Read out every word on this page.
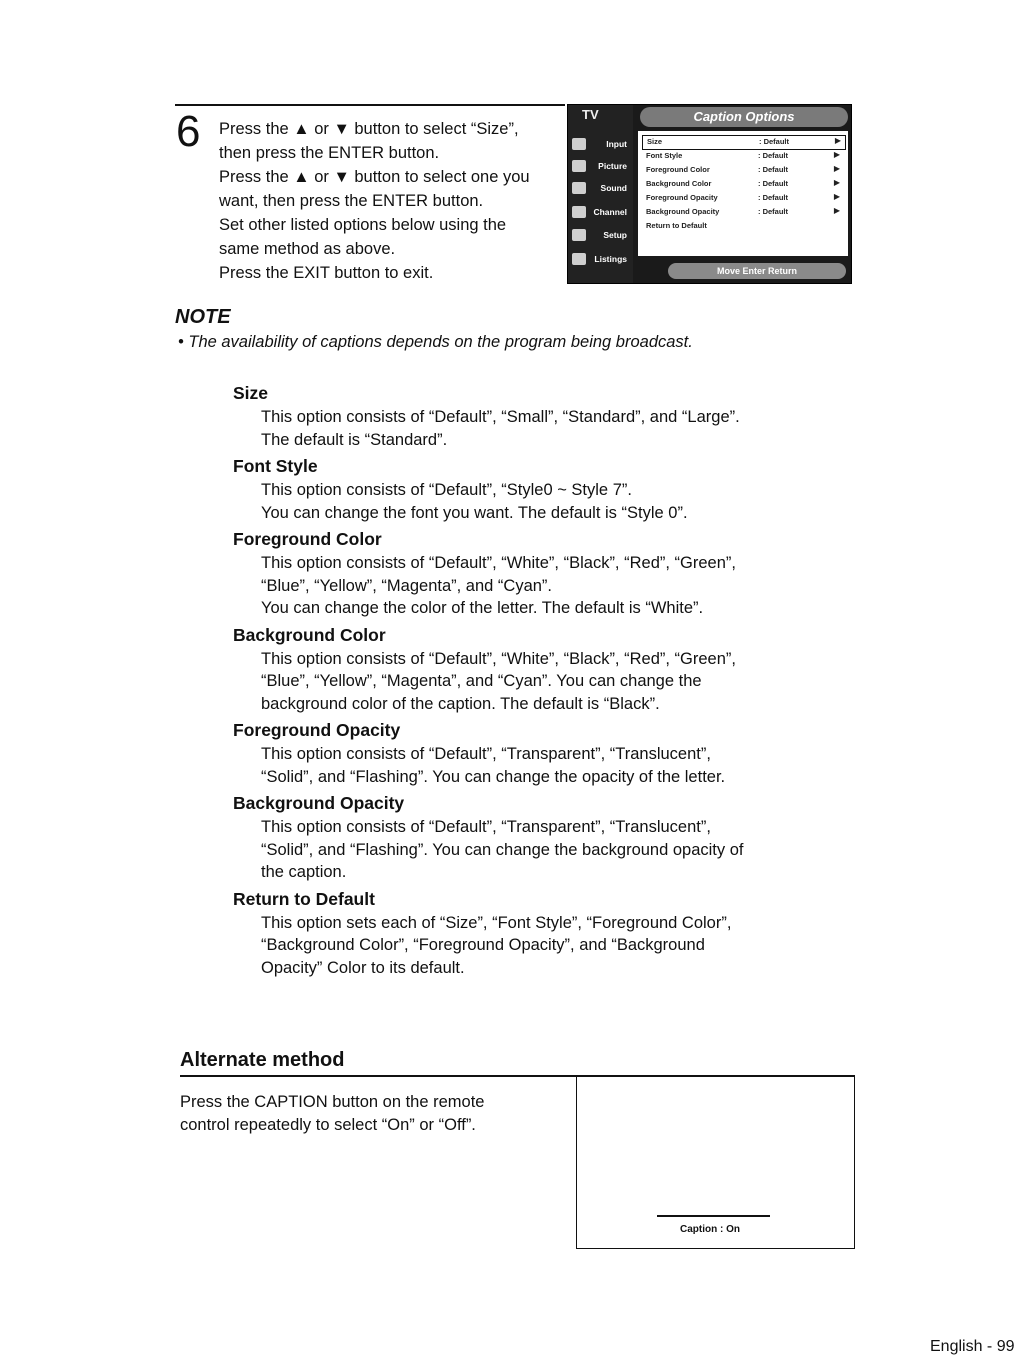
6 Press the ▲ or ▼ button to select “Size”,
then press the ENTER button.
Press the ▲ or ▼ button to select one you
want, then press the ENTER button.
Set other listed options below using the
same method as above.
Press the EXIT button to exit.
TV
Input
Picture
Sound
Channel
Setup
Listings
Caption Options
Size	: Default	▶
Font Style	: Default	▶
Foreground Color	: Default	▶
Background Color	: Default	▶
Foreground Opacity	: Default	▶
Background Opacity	: Default	▶
Return to Default
Move Enter Return
NOTE
• The availability of captions depends on the program being broadcast.
Size
This option consists of “Default”, “Small”, “Standard”, and “Large”.
The default is “Standard”.
Font Style
This option consists of “Default”, “Style0 ~ Style 7”.
You can change the font you want. The default is “Style 0”.
Foreground Color
This option consists of “Default”, “White”, “Black”, “Red”, “Green”,
“Blue”, “Yellow”, “Magenta”, and “Cyan”.
You can change the color of the letter. The default is “White”.
Background Color
This option consists of “Default”, “White”, “Black”, “Red”, “Green”,
“Blue”, “Yellow”, “Magenta”, and “Cyan”. You can change the
background color of the caption. The default is “Black”.
Foreground Opacity
This option consists of “Default”, “Transparent”, “Translucent”,
“Solid”, and “Flashing”. You can change the opacity of the letter.
Background Opacity
This option consists of “Default”, “Transparent”, “Translucent”,
“Solid”, and “Flashing”. You can change the background opacity of
the caption.
Return to Default
This option sets each of “Size”, “Font Style”, “Foreground Color”,
“Background Color”, “Foreground Opacity”, and “Background
Opacity” Color to its default.
Alternate method
Press the CAPTION button on the remote
control repeatedly to select “On” or “Off”.
Caption : On
English - 99
